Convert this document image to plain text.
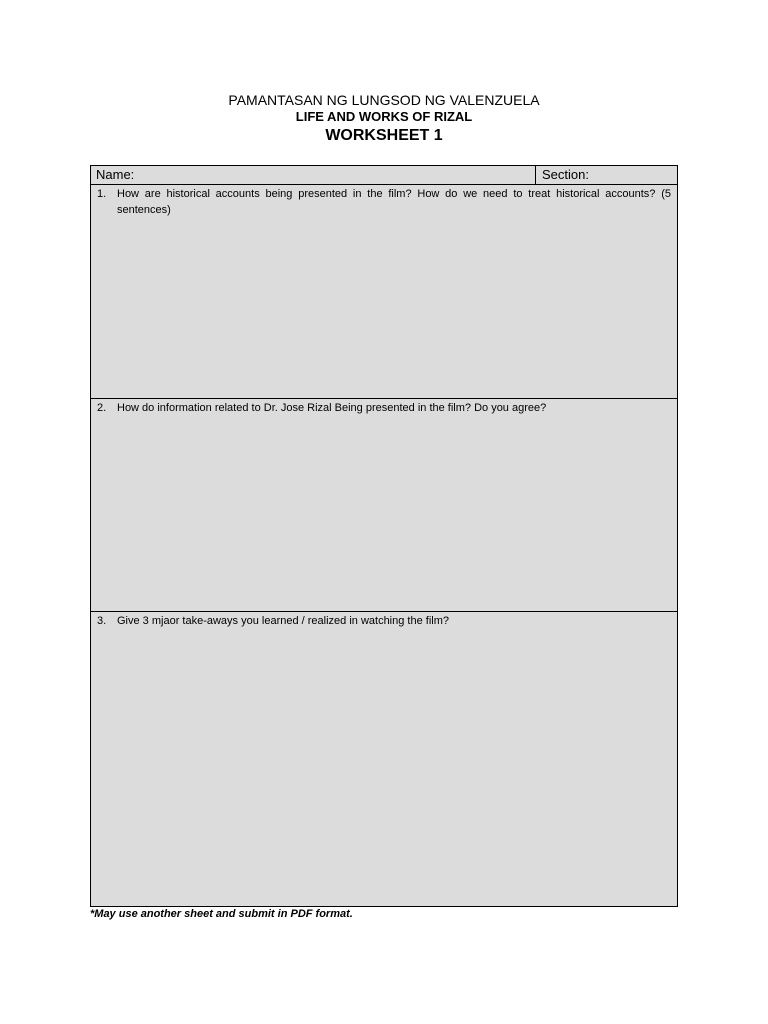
PAMANTASAN NG LUNGSOD NG VALENZUELA
LIFE AND WORKS OF RIZAL
WORKSHEET 1
Name:	Section:
1. How are historical accounts being presented in the film? How do we need to treat historical accounts? (5 sentences)
2. How do information related to Dr. Jose Rizal Being presented in the film? Do you agree?
3. Give 3 mjaor take-aways you learned / realized in watching the film?
*May use another sheet and submit in PDF format.
